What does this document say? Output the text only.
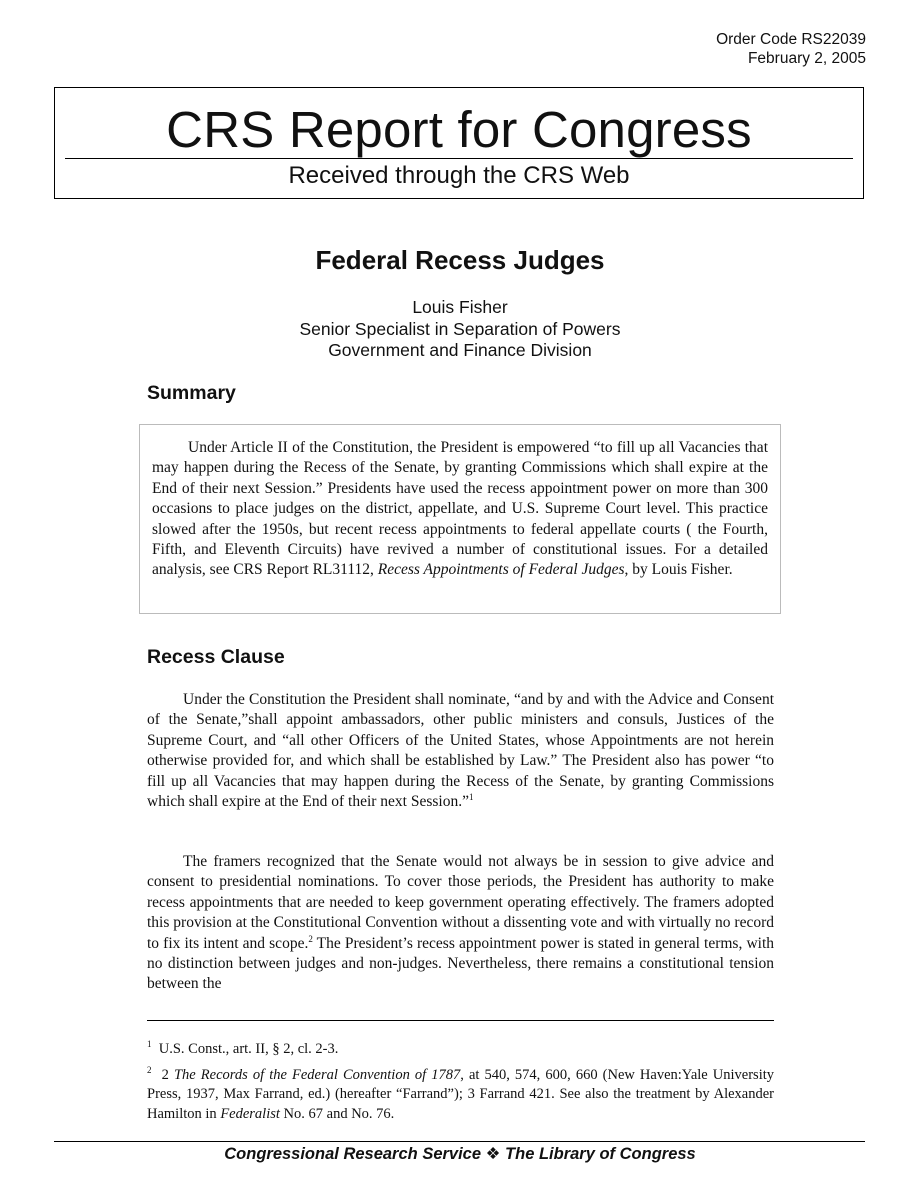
Order Code RS22039
February 2, 2005
CRS Report for Congress
Received through the CRS Web
Federal Recess Judges
Louis Fisher
Senior Specialist in Separation of Powers
Government and Finance Division
Summary

Under Article II of the Constitution, the President is empowered “to fill up all Vacancies that may happen during the Recess of the Senate, by granting Commissions which shall expire at the End of their next Session.” Presidents have used the recess appointment power on more than 300 occasions to place judges on the district, appellate, and U.S. Supreme Court level. This practice slowed after the 1950s, but recent recess appointments to federal appellate courts ( the Fourth, Fifth, and Eleventh Circuits) have revived a number of constitutional issues. For a detailed analysis, see CRS Report RL31112, Recess Appointments of Federal Judges, by Louis Fisher.

Recess Clause

Under the Constitution the President shall nominate, “and by and with the Advice and Consent of the Senate,”shall appoint ambassadors, other public ministers and consuls, Justices of the Supreme Court, and “all other Officers of the United States, whose Appointments are not herein otherwise provided for, and which shall be established by Law.” The President also has power “to fill up all Vacancies that may happen during the Recess of the Senate, by granting Commissions which shall expire at the End of their next Session.”$^1$

The framers recognized that the Senate would not always be in session to give advice and consent to presidential nominations. To cover those periods, the President has authority to make recess appointments that are needed to keep government operating effectively. The framers adopted this provision at the Constitutional Convention without a dissenting vote and with virtually no record to fix its intent and scope.$^2$ The President’s recess appointment power is stated in general terms, with no distinction between judges and non-judges. Nevertheless, there remains a constitutional tension between the

$^1$ U.S. Const., art. II, § 2, cl. 2-3.

$^2$ 2 The Records of the Federal Convention of 1787, at 540, 574, 600, 660 (New Haven:Yale University Press, 1937, Max Farrand, ed.) (hereafter “Farrand”); 3 Farrand 421. See also the treatment by Alexander Hamilton in Federalist No. 67 and No. 76.

Congressional Research Service ❖ The Library of Congress
